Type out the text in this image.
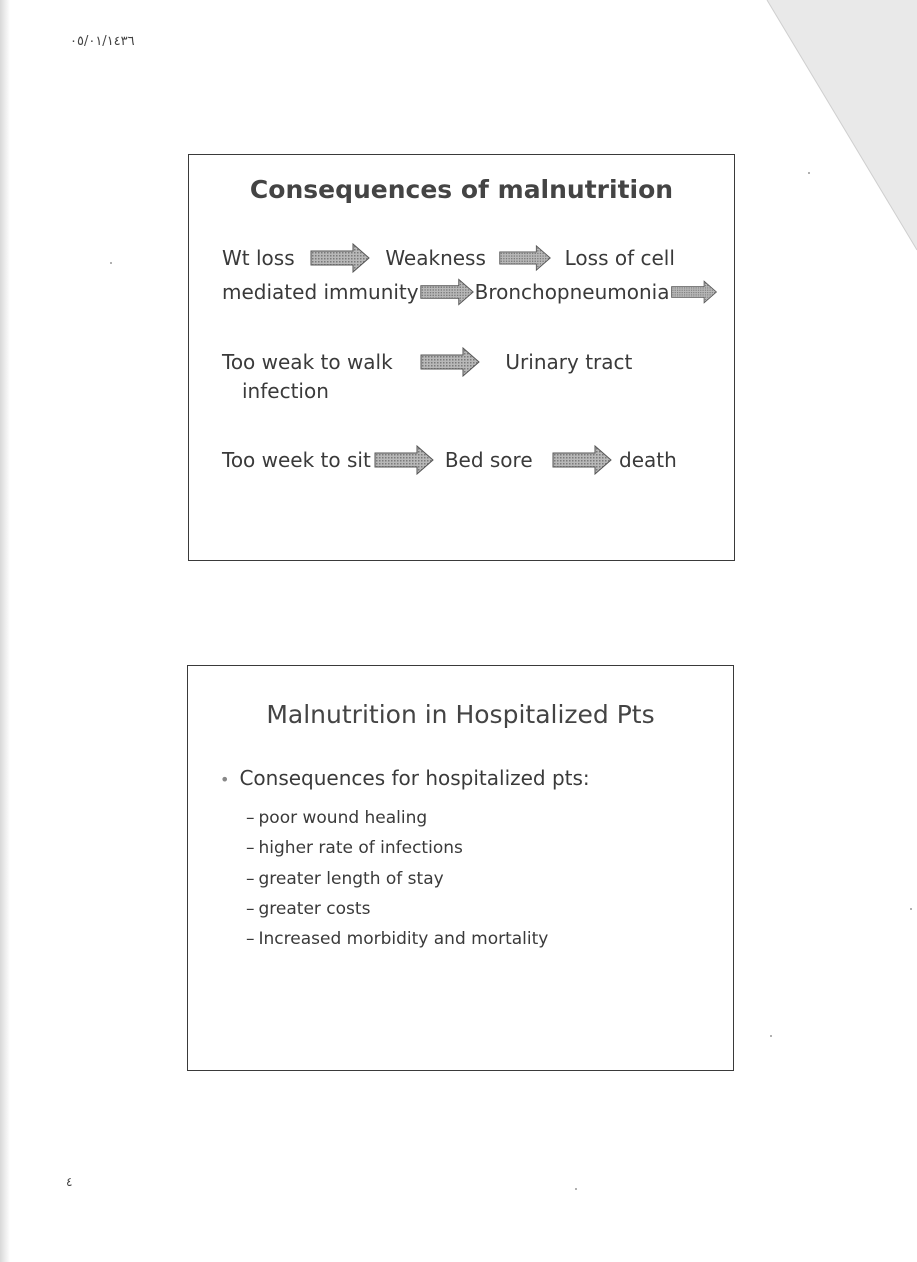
٠٥/٠١/١٤٣٦
Consequences of malnutrition
Wt loss	Weakness	Loss of cell
mediated immunity	Bronchopneumonia
Too weak to walk	Urinary tract
infection
Too week to sit	Bed sore	death
Malnutrition in Hospitalized Pts
• Consequences for hospitalized pts:
– poor wound healing
– higher rate of infections
– greater length of stay
– greater costs
– Increased morbidity and mortality
٤
